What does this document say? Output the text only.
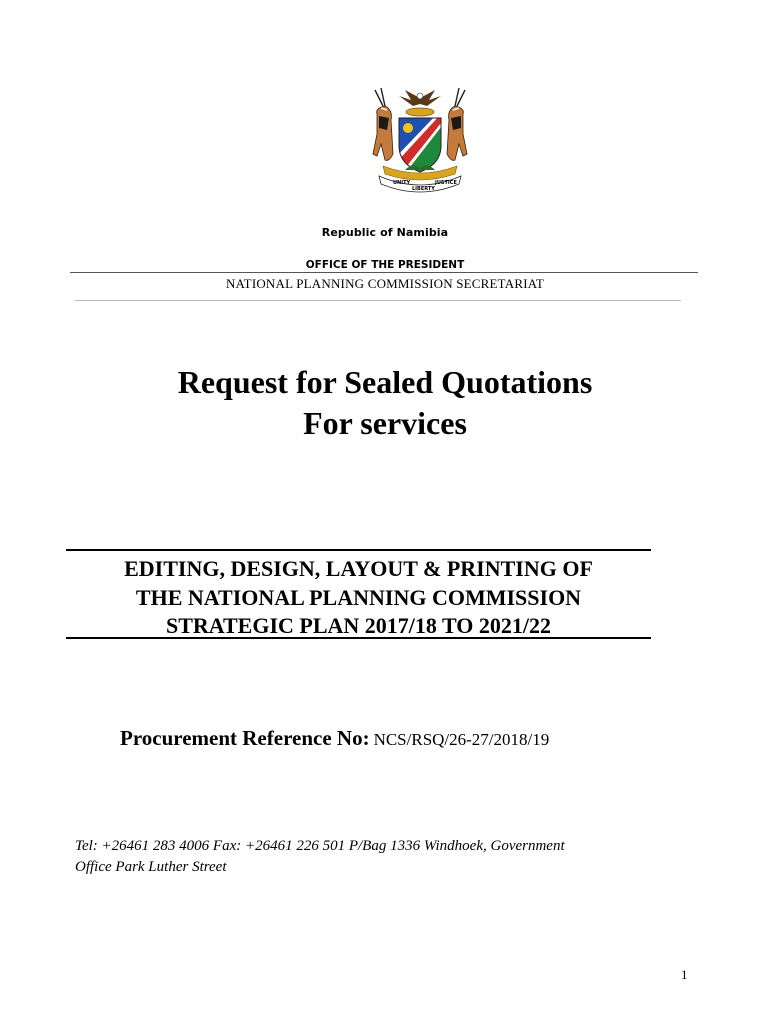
UNITY
LIBERTY
JUSTICE
Republic of Namibia
OFFICE OF THE PRESIDENT
NATIONAL PLANNING COMMISSION SECRETARIAT
Request for Sealed Quotations
For services
EDITING, DESIGN, LAYOUT & PRINTING OF
THE NATIONAL PLANNING COMMISSION
STRATEGIC PLAN 2017/18 TO 2021/22
Procurement Reference No: NCS/RSQ/26-27/2018/19
Tel: +26461 283 4006 Fax: +26461 226 501 P/Bag 1336 Windhoek, Government
Office Park Luther Street
1
